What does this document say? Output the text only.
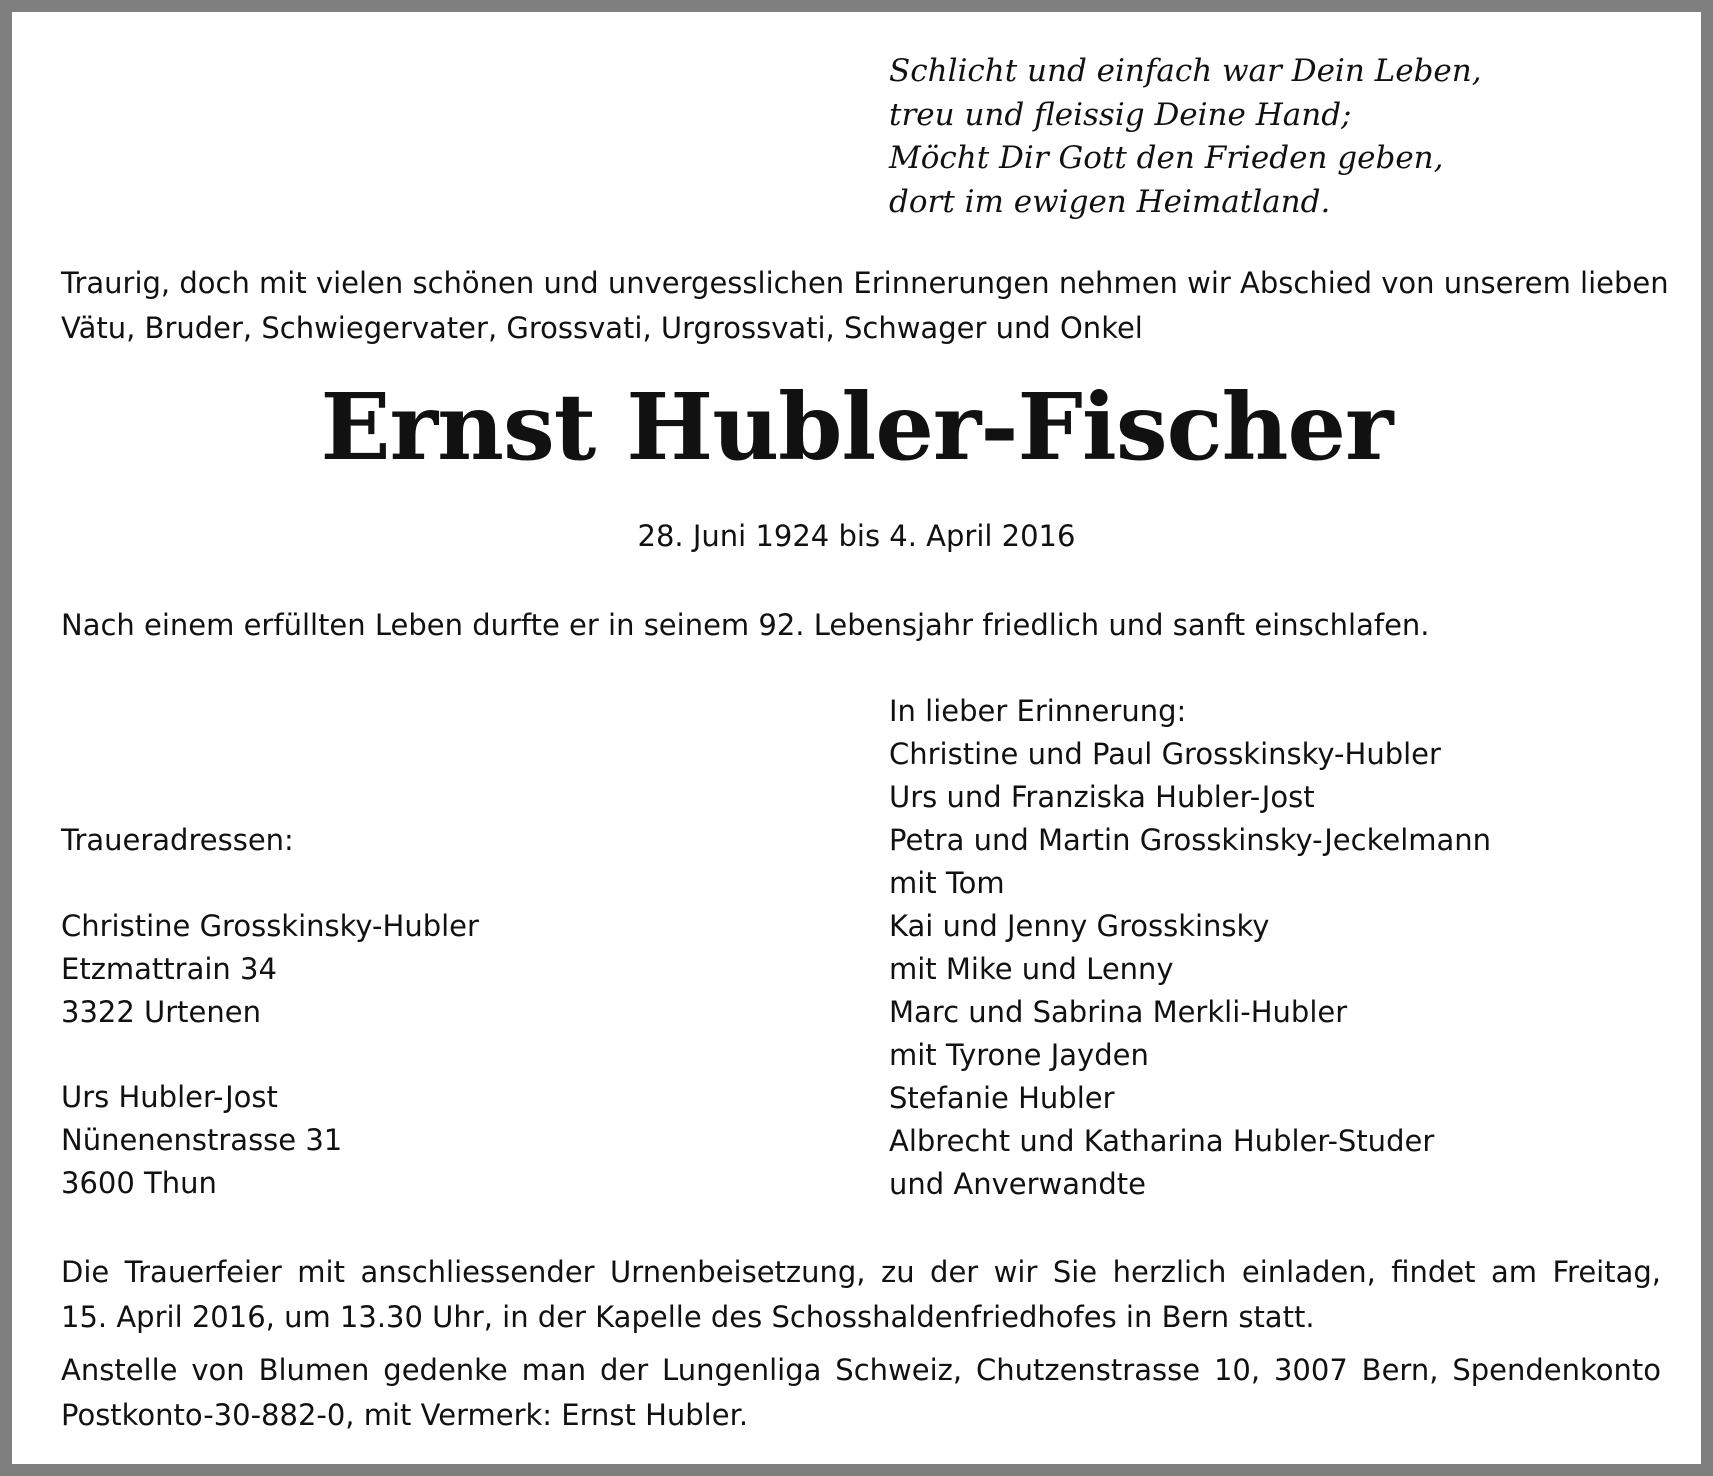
Schlicht und einfach war Dein Leben,
treu und fleissig Deine Hand;
Möcht Dir Gott den Frieden geben,
dort im ewigen Heimatland.
Traurig, doch mit vielen schönen und unvergesslichen Erinnerungen nehmen wir Abschied von unserem lieben
Vätu, Bruder, Schwiegervater, Grossvati, Urgrossvati, Schwager und Onkel
Ernst Hubler-Fischer
28. Juni 1924 bis 4. April 2016
Nach einem erfüllten Leben durfte er in seinem 92. Lebensjahr friedlich und sanft einschlafen.
In lieber Erinnerung:
Christine und Paul Grosskinsky-Hubler
Urs und Franziska Hubler-Jost
Petra und Martin Grosskinsky-Jeckelmann
mit Tom
Kai und Jenny Grosskinsky
mit Mike und Lenny
Marc und Sabrina Merkli-Hubler
mit Tyrone Jayden
Stefanie Hubler
Albrecht und Katharina Hubler-Studer
und Anverwandte
Traueradressen:
Christine Grosskinsky-Hubler
Etzmattrain 34
3322 Urtenen
Urs Hubler-Jost
Nünenenstrasse 31
3600 Thun
Die Trauerfeier mit anschliessender Urnenbeisetzung, zu der wir Sie herzlich einladen, findet am Freitag,
15. April 2016, um 13.30 Uhr, in der Kapelle des Schosshaldenfriedhofes in Bern statt.
Anstelle von Blumen gedenke man der Lungenliga Schweiz, Chutzenstrasse 10, 3007 Bern, Spendenkonto
Postkonto-30-882-0, mit Vermerk: Ernst Hubler.
